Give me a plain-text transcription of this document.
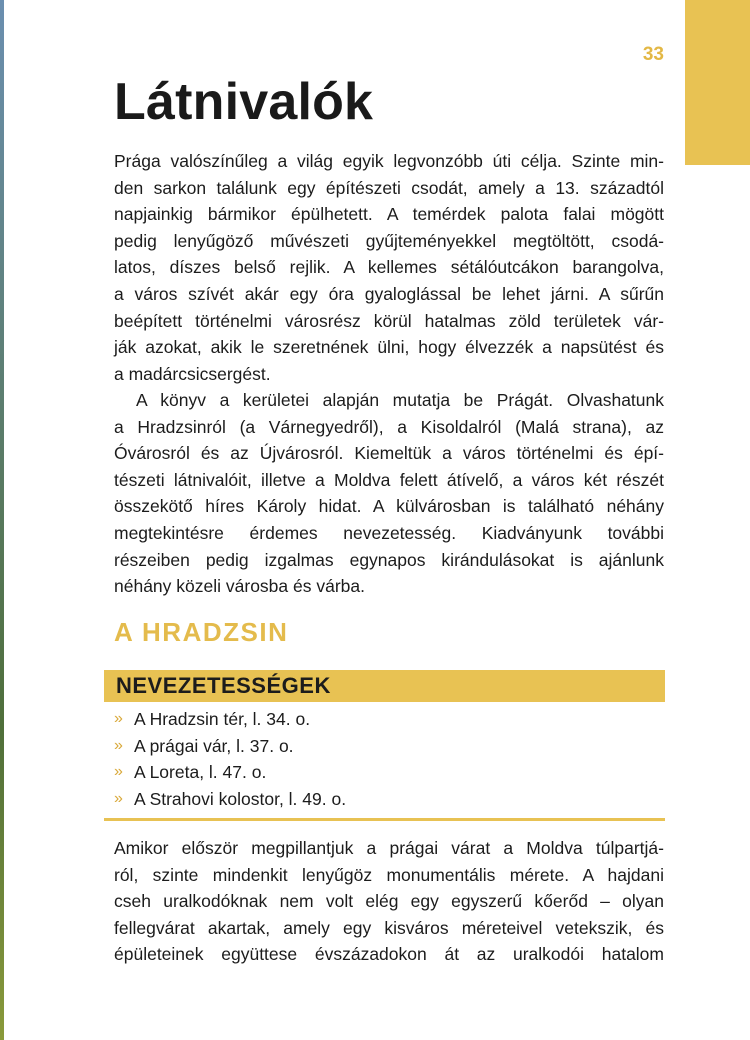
33
Látnivalók
Prága valószínűleg a világ egyik legvonzóbb úti célja. Szinte min-
den sarkon találunk egy építészeti csodát, amely a 13. századtól
napjainkig bármikor épülhetett. A temérdek palota falai mögött
pedig lenyűgöző művészeti gyűjteményekkel megtöltött, csodá-
latos, díszes belső rejlik. A kellemes sétálóutcákon barangolva,
a város szívét akár egy óra gyaloglással be lehet járni. A sűrűn
beépített történelmi városrész körül hatalmas zöld területek vár-
ják azokat, akik le szeretnének ülni, hogy élvezzék a napsütést és
a madárcsicsergést.
A könyv a kerületei alapján mutatja be Prágát. Olvashatunk
a Hradzsinról (a Várnegyedről), a Kisoldalról (Malá strana), az
Óvárosról és az Újvárosról. Kiemeltük a város történelmi és épí-
tészeti látnivalóit, illetve a Moldva felett átívelő, a város két részét
összekötő híres Károly hidat. A külvárosban is található néhány
megtekintésre érdemes nevezetesség. Kiadványunk további
részeiben pedig izgalmas egynapos kirándulásokat is ajánlunk
néhány közeli városba és várba.
A HRADZSIN
NEVEZETESSÉGEK
» A Hradzsin tér, l. 34. o.
» A prágai vár, l. 37. o.
» A Loreta, l. 47. o.
» A Strahovi kolostor, l. 49. o.
Amikor először megpillantjuk a prágai várat a Moldva túlpartjá-
ról, szinte mindenkit lenyűgöz monumentális mérete. A hajdani
cseh uralkodóknak nem volt elég egy egyszerű kőerőd – olyan
fellegvárat akartak, amely egy kisváros méreteivel vetekszik, és
épületeinek együttese évszázadokon át az uralkodói hatalom
